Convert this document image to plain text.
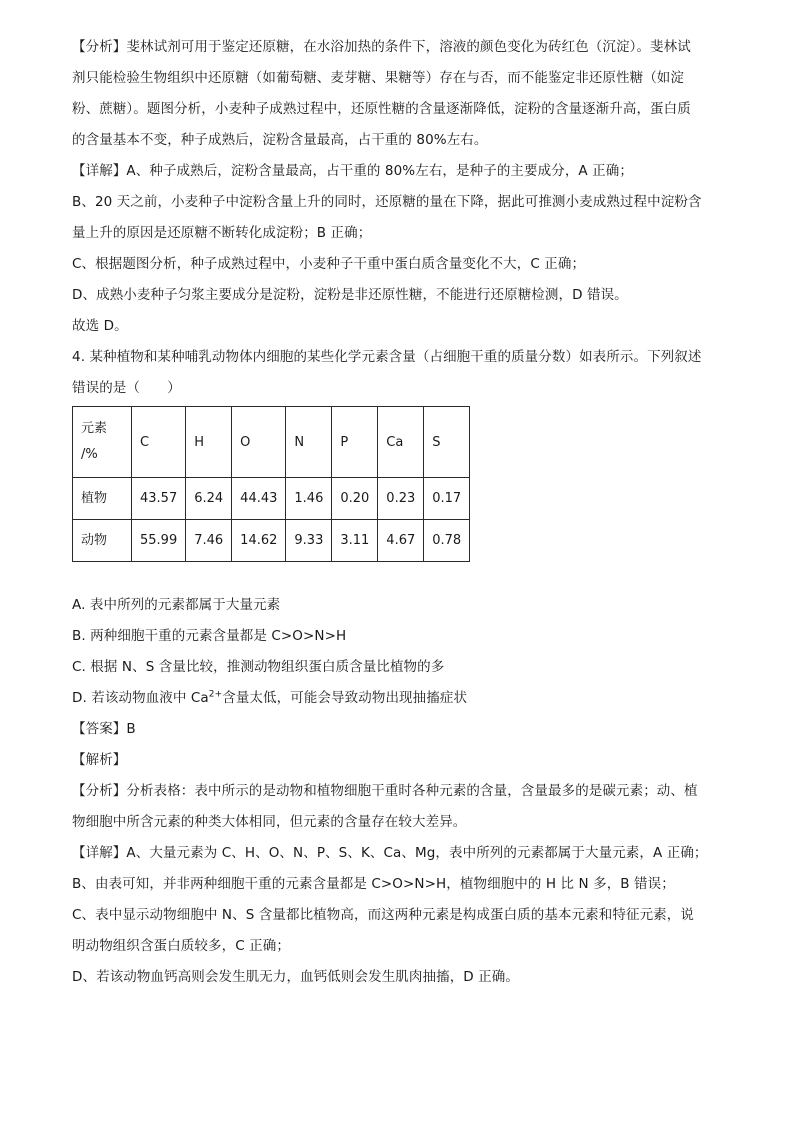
【分析】斐林试剂可用于鉴定还原糖，在水浴加热的条件下，溶液的颜色变化为砖红色（沉淀）。斐林试
剂只能检验生物组织中还原糖（如葡萄糖、麦芽糖、果糖等）存在与否，而不能鉴定非还原性糖（如淀
粉、蔗糖）。题图分析，小麦种子成熟过程中，还原性糖的含量逐渐降低，淀粉的含量逐渐升高，蛋白质
的含量基本不变，种子成熟后，淀粉含量最高，占干重的 80%左右。
【详解】A、种子成熟后，淀粉含量最高，占干重的 80%左右，是种子的主要成分，A 正确；
B、20 天之前，小麦种子中淀粉含量上升的同时，还原糖的量在下降，据此可推测小麦成熟过程中淀粉含
量上升的原因是还原糖不断转化成淀粉；B 正确；
C、根据题图分析，种子成熟过程中，小麦种子干重中蛋白质含量变化不大，C 正确；
D、成熟小麦种子匀浆主要成分是淀粉，淀粉是非还原性糖，不能进行还原糖检测，D 错误。
故选 D。
4. 某种植物和某种哺乳动物体内细胞的某些化学元素含量（占细胞干重的质量分数）如表所示。下列叙述
错误的是（　　）
元素
/%	C	H	O	N	P	Ca	S
植物	43.57	6.24	44.43	1.46	0.20	0.23	0.17
动物	55.99	7.46	14.62	9.33	3.11	4.67	0.78
A. 表中所列的元素都属于大量元素
B. 两种细胞干重的元素含量都是 C>O>N>H
C. 根据 N、S 含量比较，推测动物组织蛋白质含量比植物的多
D. 若该动物血液中 $Ca^{2+}$含量太低，可能会导致动物出现抽搐症状
【答案】B
【解析】
【分析】分析表格：表中所示的是动物和植物细胞干重时各种元素的含量，含量最多的是碳元素；动、植
物细胞中所含元素的种类大体相同，但元素的含量存在较大差异。
【详解】A、大量元素为 C、H、O、N、P、S、K、Ca、Mg，表中所列的元素都属于大量元素，A 正确；
B、由表可知，并非两种细胞干重的元素含量都是 C>O>N>H，植物细胞中的 H 比 N 多，B 错误；
C、表中显示动物细胞中 N、S 含量都比植物高，而这两种元素是构成蛋白质的基本元素和特征元素，说
明动物组织含蛋白质较多，C 正确；
D、若该动物血钙高则会发生肌无力，血钙低则会发生肌肉抽搐，D 正确。
